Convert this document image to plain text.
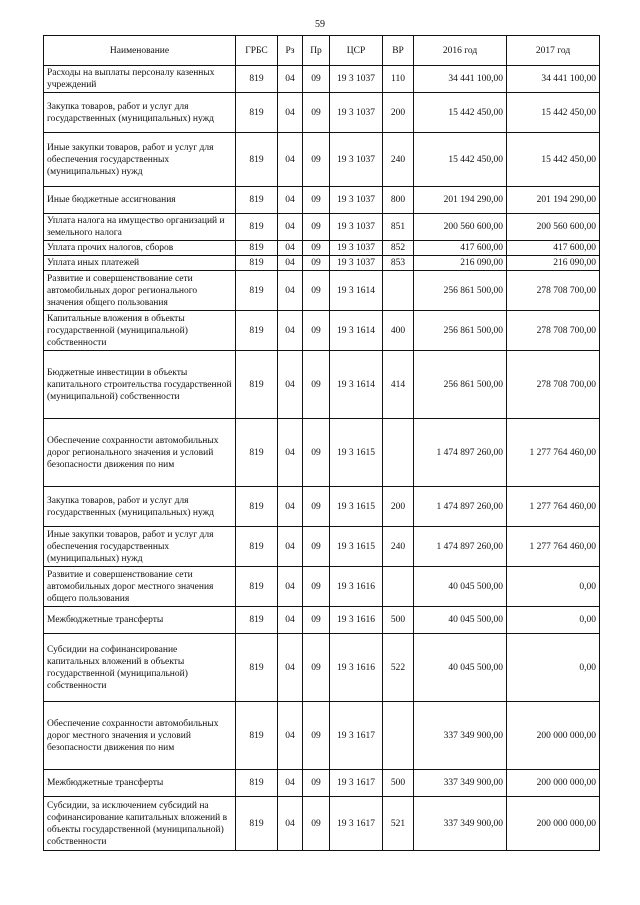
59
Наименование	ГРБС	Рз	Пр	ЦСР	ВР	2016 год	2017 год
Расходы на выплаты персоналу казенных учреждений	819	04	09	19 3 1037	110	34 441 100,00	34 441 100,00
Закупка товаров, работ и услуг для государственных (муниципальных) нужд	819	04	09	19 3 1037	200	15 442 450,00	15 442 450,00
Иные закупки товаров, работ и услуг для обеспечения государственных (муниципальных) нужд	819	04	09	19 3 1037	240	15 442 450,00	15 442 450,00
Иные бюджетные ассигнования	819	04	09	19 3 1037	800	201 194 290,00	201 194 290,00
Уплата налога на имущество организаций и земельного налога	819	04	09	19 3 1037	851	200 560 600,00	200 560 600,00
Уплата прочих налогов, сборов	819	04	09	19 3 1037	852	417 600,00	417 600,00
Уплата иных платежей	819	04	09	19 3 1037	853	216 090,00	216 090,00
Развитие и совершенствование сети автомобильных дорог регионального значения общего пользования	819	04	09	19 3 1614		256 861 500,00	278 708 700,00
Капитальные вложения в объекты государственной (муниципальной) собственности	819	04	09	19 3 1614	400	256 861 500,00	278 708 700,00
Бюджетные инвестиции в объекты капитального строительства государственной (муниципальной) собственности	819	04	09	19 3 1614	414	256 861 500,00	278 708 700,00
Обеспечение сохранности автомобильных дорог регионального значения и условий безопасности движения по ним	819	04	09	19 3 1615		1 474 897 260,00	1 277 764 460,00
Закупка товаров, работ и услуг для государственных (муниципальных) нужд	819	04	09	19 3 1615	200	1 474 897 260,00	1 277 764 460,00
Иные закупки товаров, работ и услуг для обеспечения государственных (муниципальных) нужд	819	04	09	19 3 1615	240	1 474 897 260,00	1 277 764 460,00
Развитие и совершенствование сети автомобильных дорог местного значения общего пользования	819	04	09	19 3 1616		40 045 500,00	0,00
Межбюджетные трансферты	819	04	09	19 3 1616	500	40 045 500,00	0,00
Субсидии на софинансирование капитальных вложений в объекты государственной (муниципальной) собственности	819	04	09	19 3 1616	522	40 045 500,00	0,00
Обеспечение сохранности автомобильных дорог местного значения и условий безопасности движения по ним	819	04	09	19 3 1617		337 349 900,00	200 000 000,00
Межбюджетные трансферты	819	04	09	19 3 1617	500	337 349 900,00	200 000 000,00
Субсидии, за исключением субсидий на софинансирование капитальных вложений в объекты государственной (муниципальной) собственности	819	04	09	19 3 1617	521	337 349 900,00	200 000 000,00
